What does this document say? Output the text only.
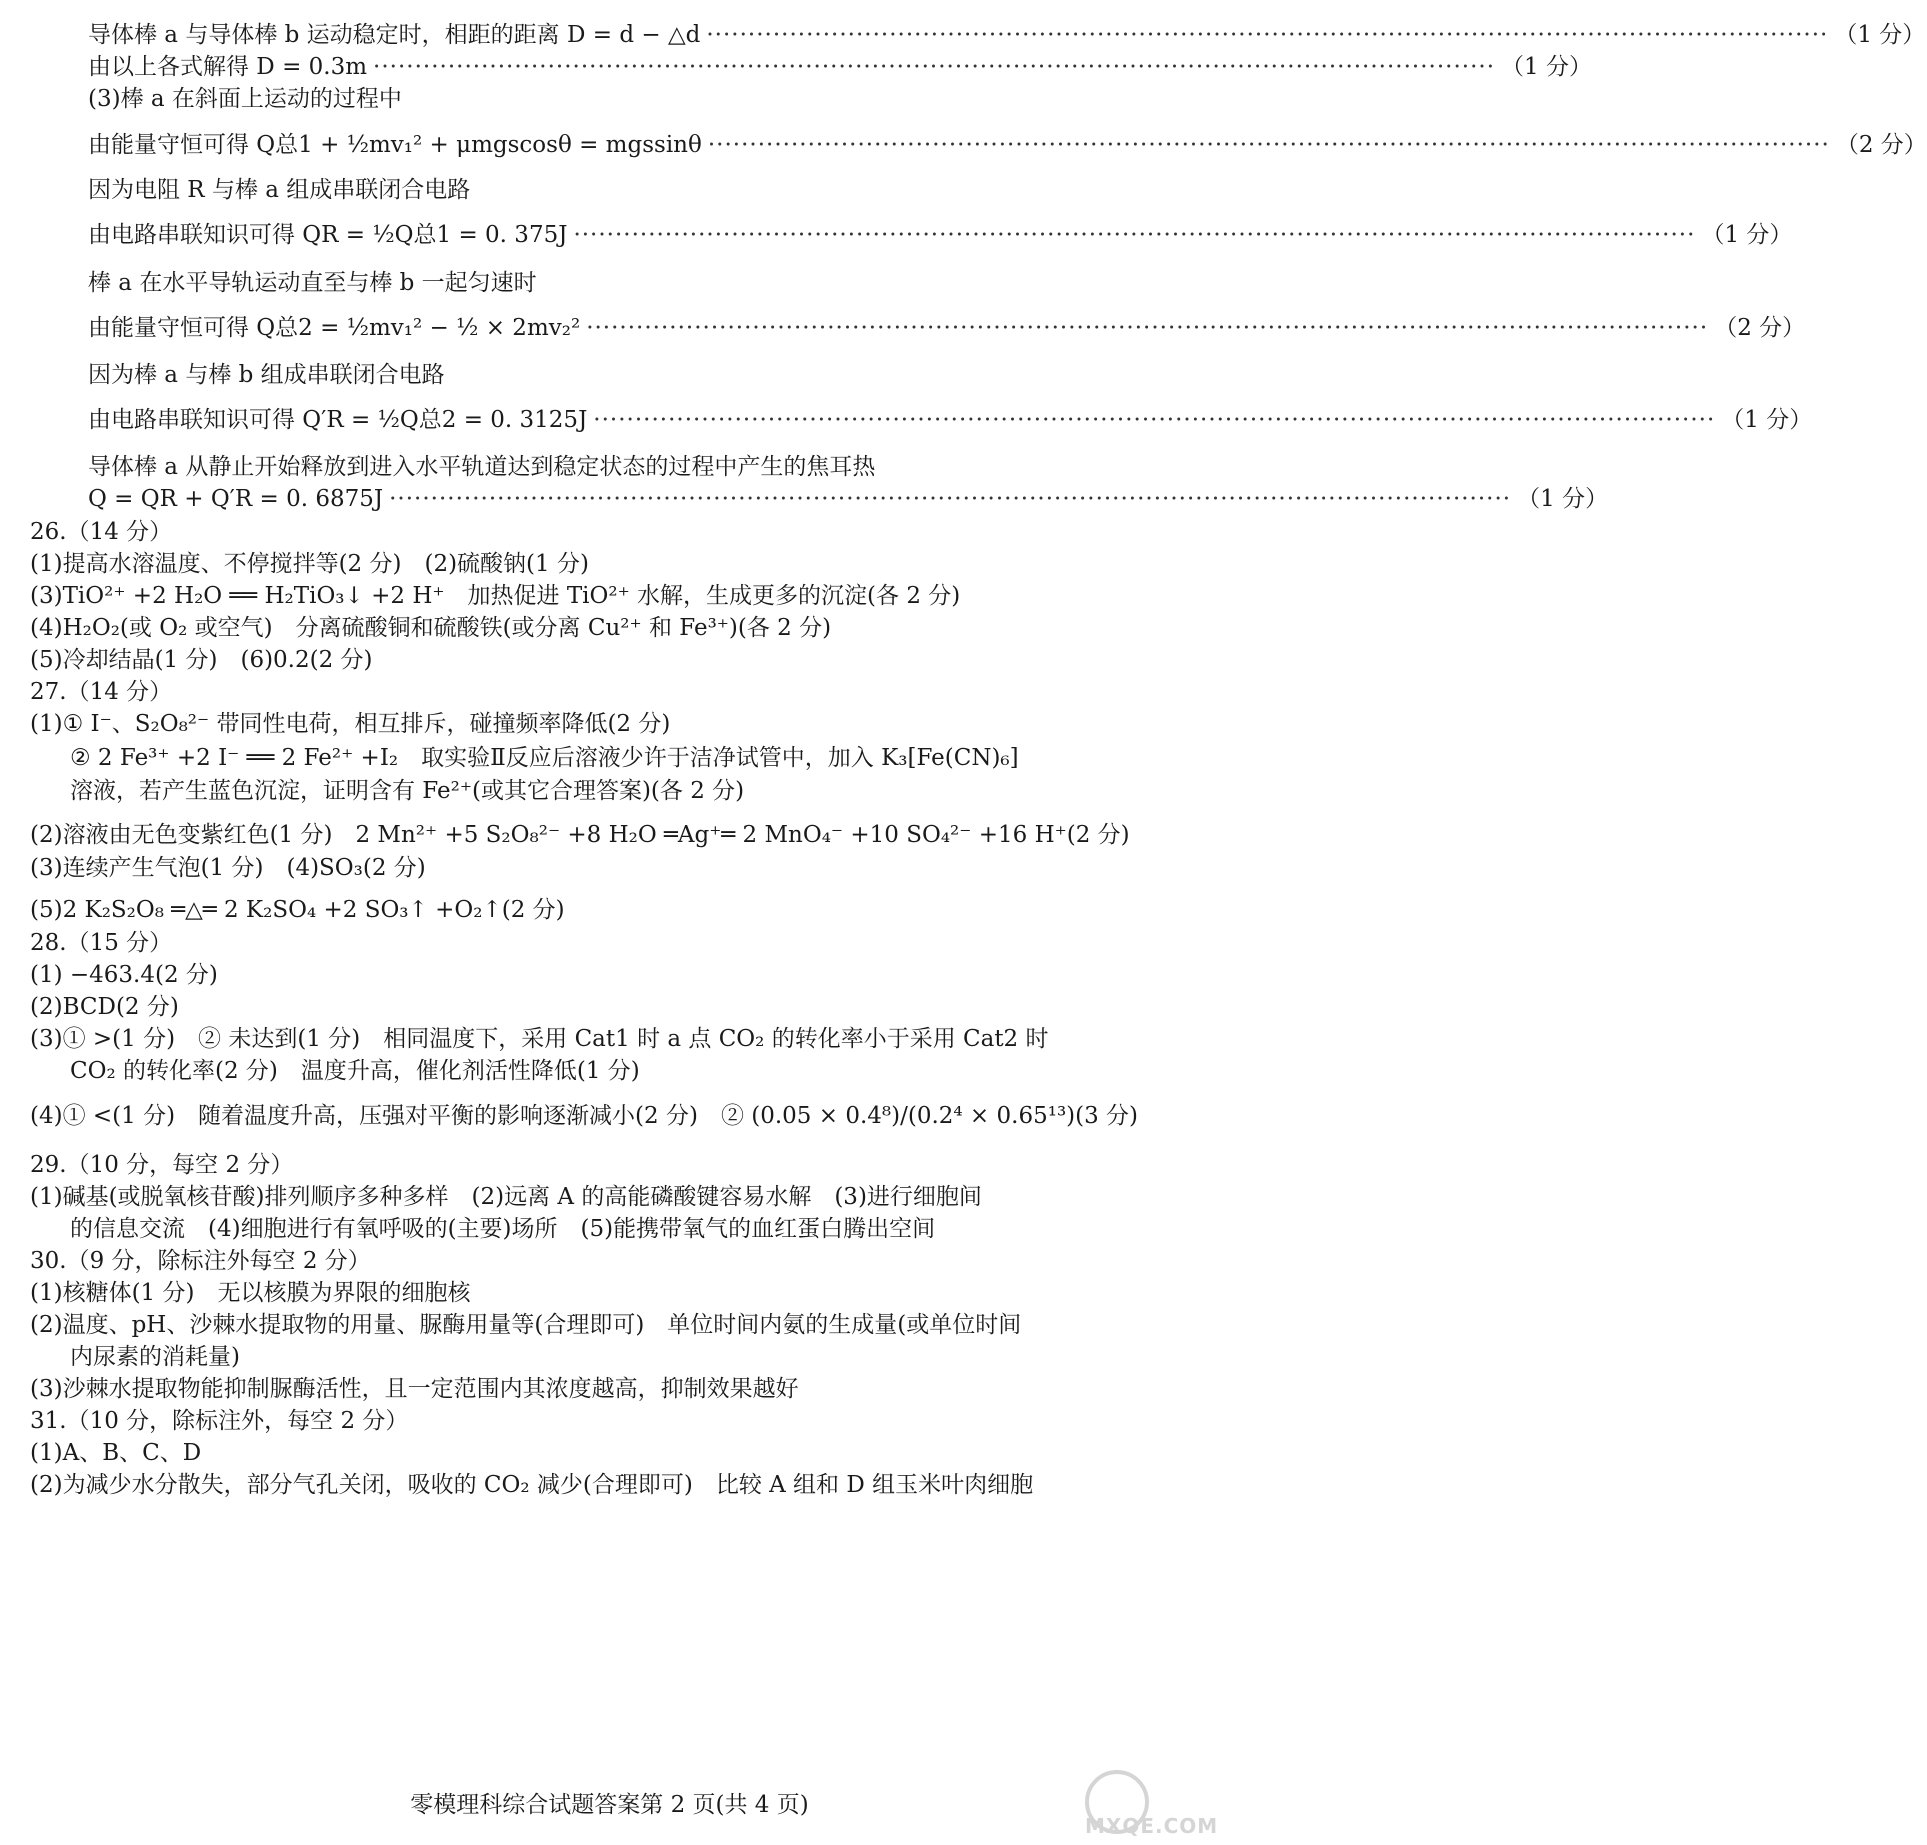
导体棒 a 与导体棒 b 运动稳定时，相距的距离 D = d − △d ······································································································································· （1 分）
由以上各式解得 D = 0.3m ······································································································································· （1 分）
(3)棒 a 在斜面上运动的过程中
由能量守恒可得 Q总1 + ½mv₁² + μmgscosθ = mgssinθ ······································································································································· （2 分）
因为电阻 R 与棒 a 组成串联闭合电路
由电路串联知识可得 QR = ½Q总1 = 0. 375J ······································································································································· （1 分）
棒 a 在水平导轨运动直至与棒 b 一起匀速时
由能量守恒可得 Q总2 = ½mv₁² − ½ × 2mv₂² ······································································································································· （2 分）
因为棒 a 与棒 b 组成串联闭合电路
由电路串联知识可得 Q′R = ½Q总2 = 0. 3125J ······································································································································· （1 分）
导体棒 a 从静止开始释放到进入水平轨道达到稳定状态的过程中产生的焦耳热
Q = QR + Q′R = 0. 6875J ······································································································································· （1 分）
26.（14 分）
(1)提高水溶温度、不停搅拌等(2 分)　(2)硫酸钠(1 分)
(3)TiO²⁺ +2 H₂O ══ H₂TiO₃↓ +2 H⁺　加热促进 TiO²⁺ 水解，生成更多的沉淀(各 2 分)
(4)H₂O₂(或 O₂ 或空气)　分离硫酸铜和硫酸铁(或分离 Cu²⁺ 和 Fe³⁺)(各 2 分)
(5)冷却结晶(1 分)　(6)0.2(2 分)
27.（14 分）
(1)① I⁻、S₂O₈²⁻ 带同性电荷，相互排斥，碰撞频率降低(2 分)
② 2 Fe³⁺ +2 I⁻ ══ 2 Fe²⁺ +I₂　取实验Ⅱ反应后溶液少许于洁净试管中，加入 K₃[Fe(CN)₆]
溶液，若产生蓝色沉淀，证明含有 Fe²⁺(或其它合理答案)(各 2 分)
(2)溶液由无色变紫红色(1 分)　2 Mn²⁺ +5 S₂O₈²⁻ +8 H₂O ═Ag⁺═ 2 MnO₄⁻ +10 SO₄²⁻ +16 H⁺(2 分)
(3)连续产生气泡(1 分)　(4)SO₃(2 分)
(5)2 K₂S₂O₈ ═△═ 2 K₂SO₄ +2 SO₃↑ +O₂↑(2 分)
28.（15 分）
(1) −463.4(2 分)
(2)BCD(2 分)
(3)① >(1 分)　② 未达到(1 分)　相同温度下，采用 Cat1 时 a 点 CO₂ 的转化率小于采用 Cat2 时
CO₂ 的转化率(2 分)　温度升高，催化剂活性降低(1 分)
(4)① <(1 分)　随着温度升高，压强对平衡的影响逐渐减小(2 分)　② (0.05 × 0.4⁸)/(0.2⁴ × 0.65¹³)(3 分)
29.（10 分，每空 2 分）
(1)碱基(或脱氧核苷酸)排列顺序多种多样　(2)远离 A 的高能磷酸键容易水解　(3)进行细胞间
的信息交流　(4)细胞进行有氧呼吸的(主要)场所　(5)能携带氧气的血红蛋白腾出空间
30.（9 分，除标注外每空 2 分）
(1)核糖体(1 分)　无以核膜为界限的细胞核
(2)温度、pH、沙棘水提取物的用量、脲酶用量等(合理即可)　单位时间内氨的生成量(或单位时间
内尿素的消耗量)
(3)沙棘水提取物能抑制脲酶活性，且一定范围内其浓度越高，抑制效果越好
31.（10 分，除标注外，每空 2 分）
(1)A、B、C、D
(2)为减少水分散失，部分气孔关闭，吸收的 CO₂ 减少(合理即可)　比较 A 组和 D 组玉米叶肉细胞
零模理科综合试题答案第 2 页(共 4 页)
MXQE.COM
